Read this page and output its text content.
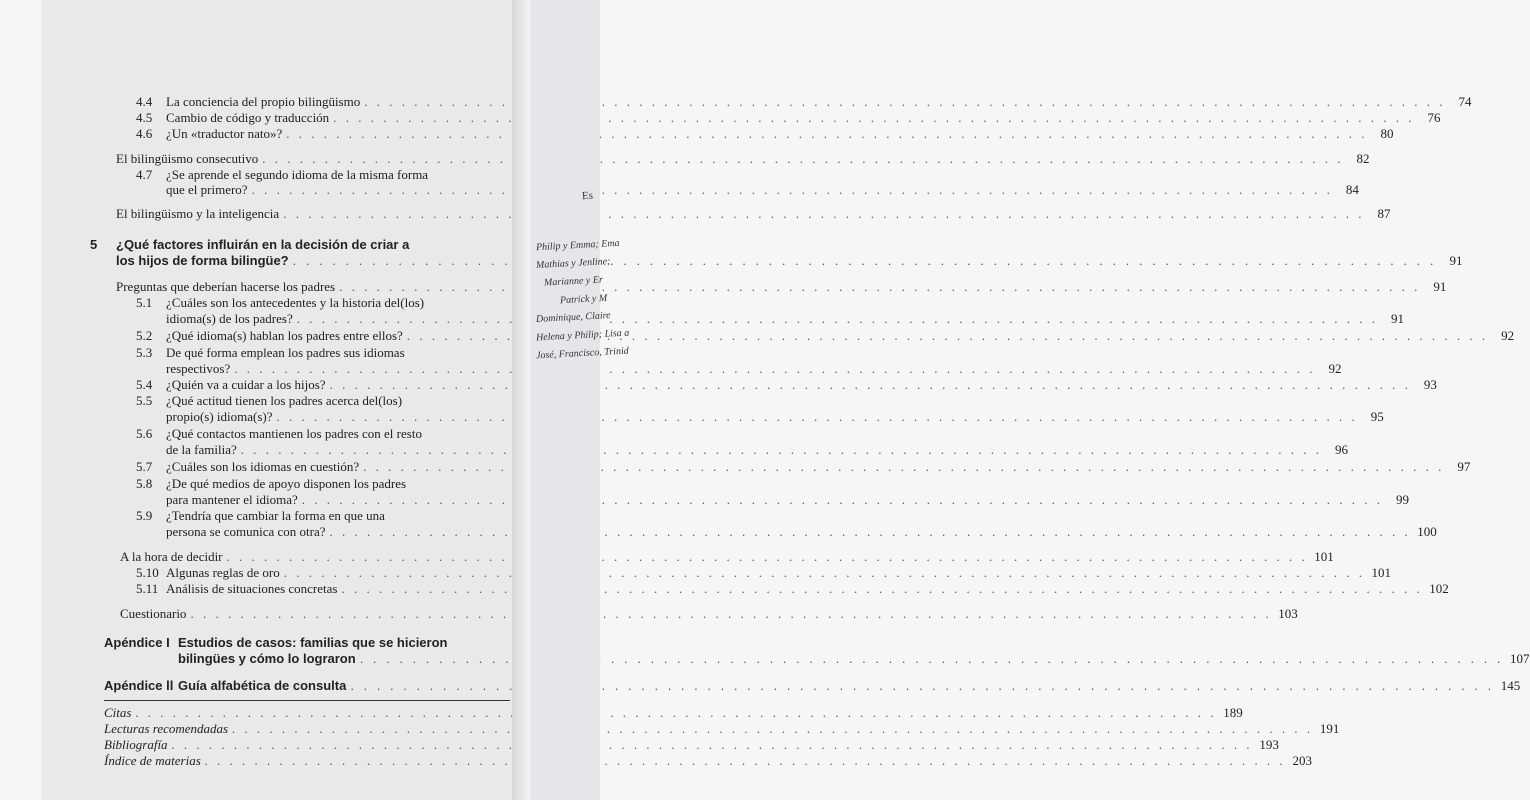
4.4	La conciencia del propio bilingüismo . . .	74
4.5	Cambio de código y traducción . . .	76
4.6	¿Un «traductor nato»? . . .	80
El bilingüismo consecutivo . . .	82
4.7 ¿Se aprende el segundo idioma de la misma forma
que el primero? . . .	84
El bilingüismo y la inteligencia . . .	87
5 ¿Qué factores influirán en la decisión de criar a
los hijos de forma bilingüe? . . .	91
Preguntas que deberían hacerse los padres . . .	91
5.1 ¿Cuáles son los antecedentes y la historia del(los)
idioma(s) de los padres? . . .	91
5.2	¿Qué idioma(s) hablan los padres entre ellos? . . .	92
5.3 De qué forma emplean los padres sus idiomas
respectivos? . . .	92
5.4	¿Quién va a cuidar a los hijos? . . .	93
5.5 ¿Qué actitud tienen los padres acerca del(los)
propio(s) idioma(s)? . . .	95
5.6 ¿Qué contactos mantienen los padres con el resto
de la familia? . . .	96
5.7	¿Cuáles son los idiomas en cuestión? . . .	97
5.8 ¿De qué medios de apoyo disponen los padres
para mantener el idioma? . . .	99
5.9 ¿Tendría que cambiar la forma en que una
persona se comunica con otra? . . .	100
A la hora de decidir . . .	101
5.10 Algunas reglas de oro . . .	101
5.11 Análisis de situaciones concretas . . .	102
Cuestionario . . .	103
Apéndice I Estudios de casos: familias que se hicieron
bilingües y cómo lo lograron . . .	107
Apéndice ll Guía alfabética de consulta . . .	145
Citas . . .	189
Lecturas recomendadas . . .	191
Bibliografía . . .	193
Índice de materias . . .	203
Es
Philip y Emma; Ema
Mathias y Jenline;
Marianne y Er
Patrick y M
Dominique, Claire
Helena y Philip; Lisa a
José, Francisco, Trinid
